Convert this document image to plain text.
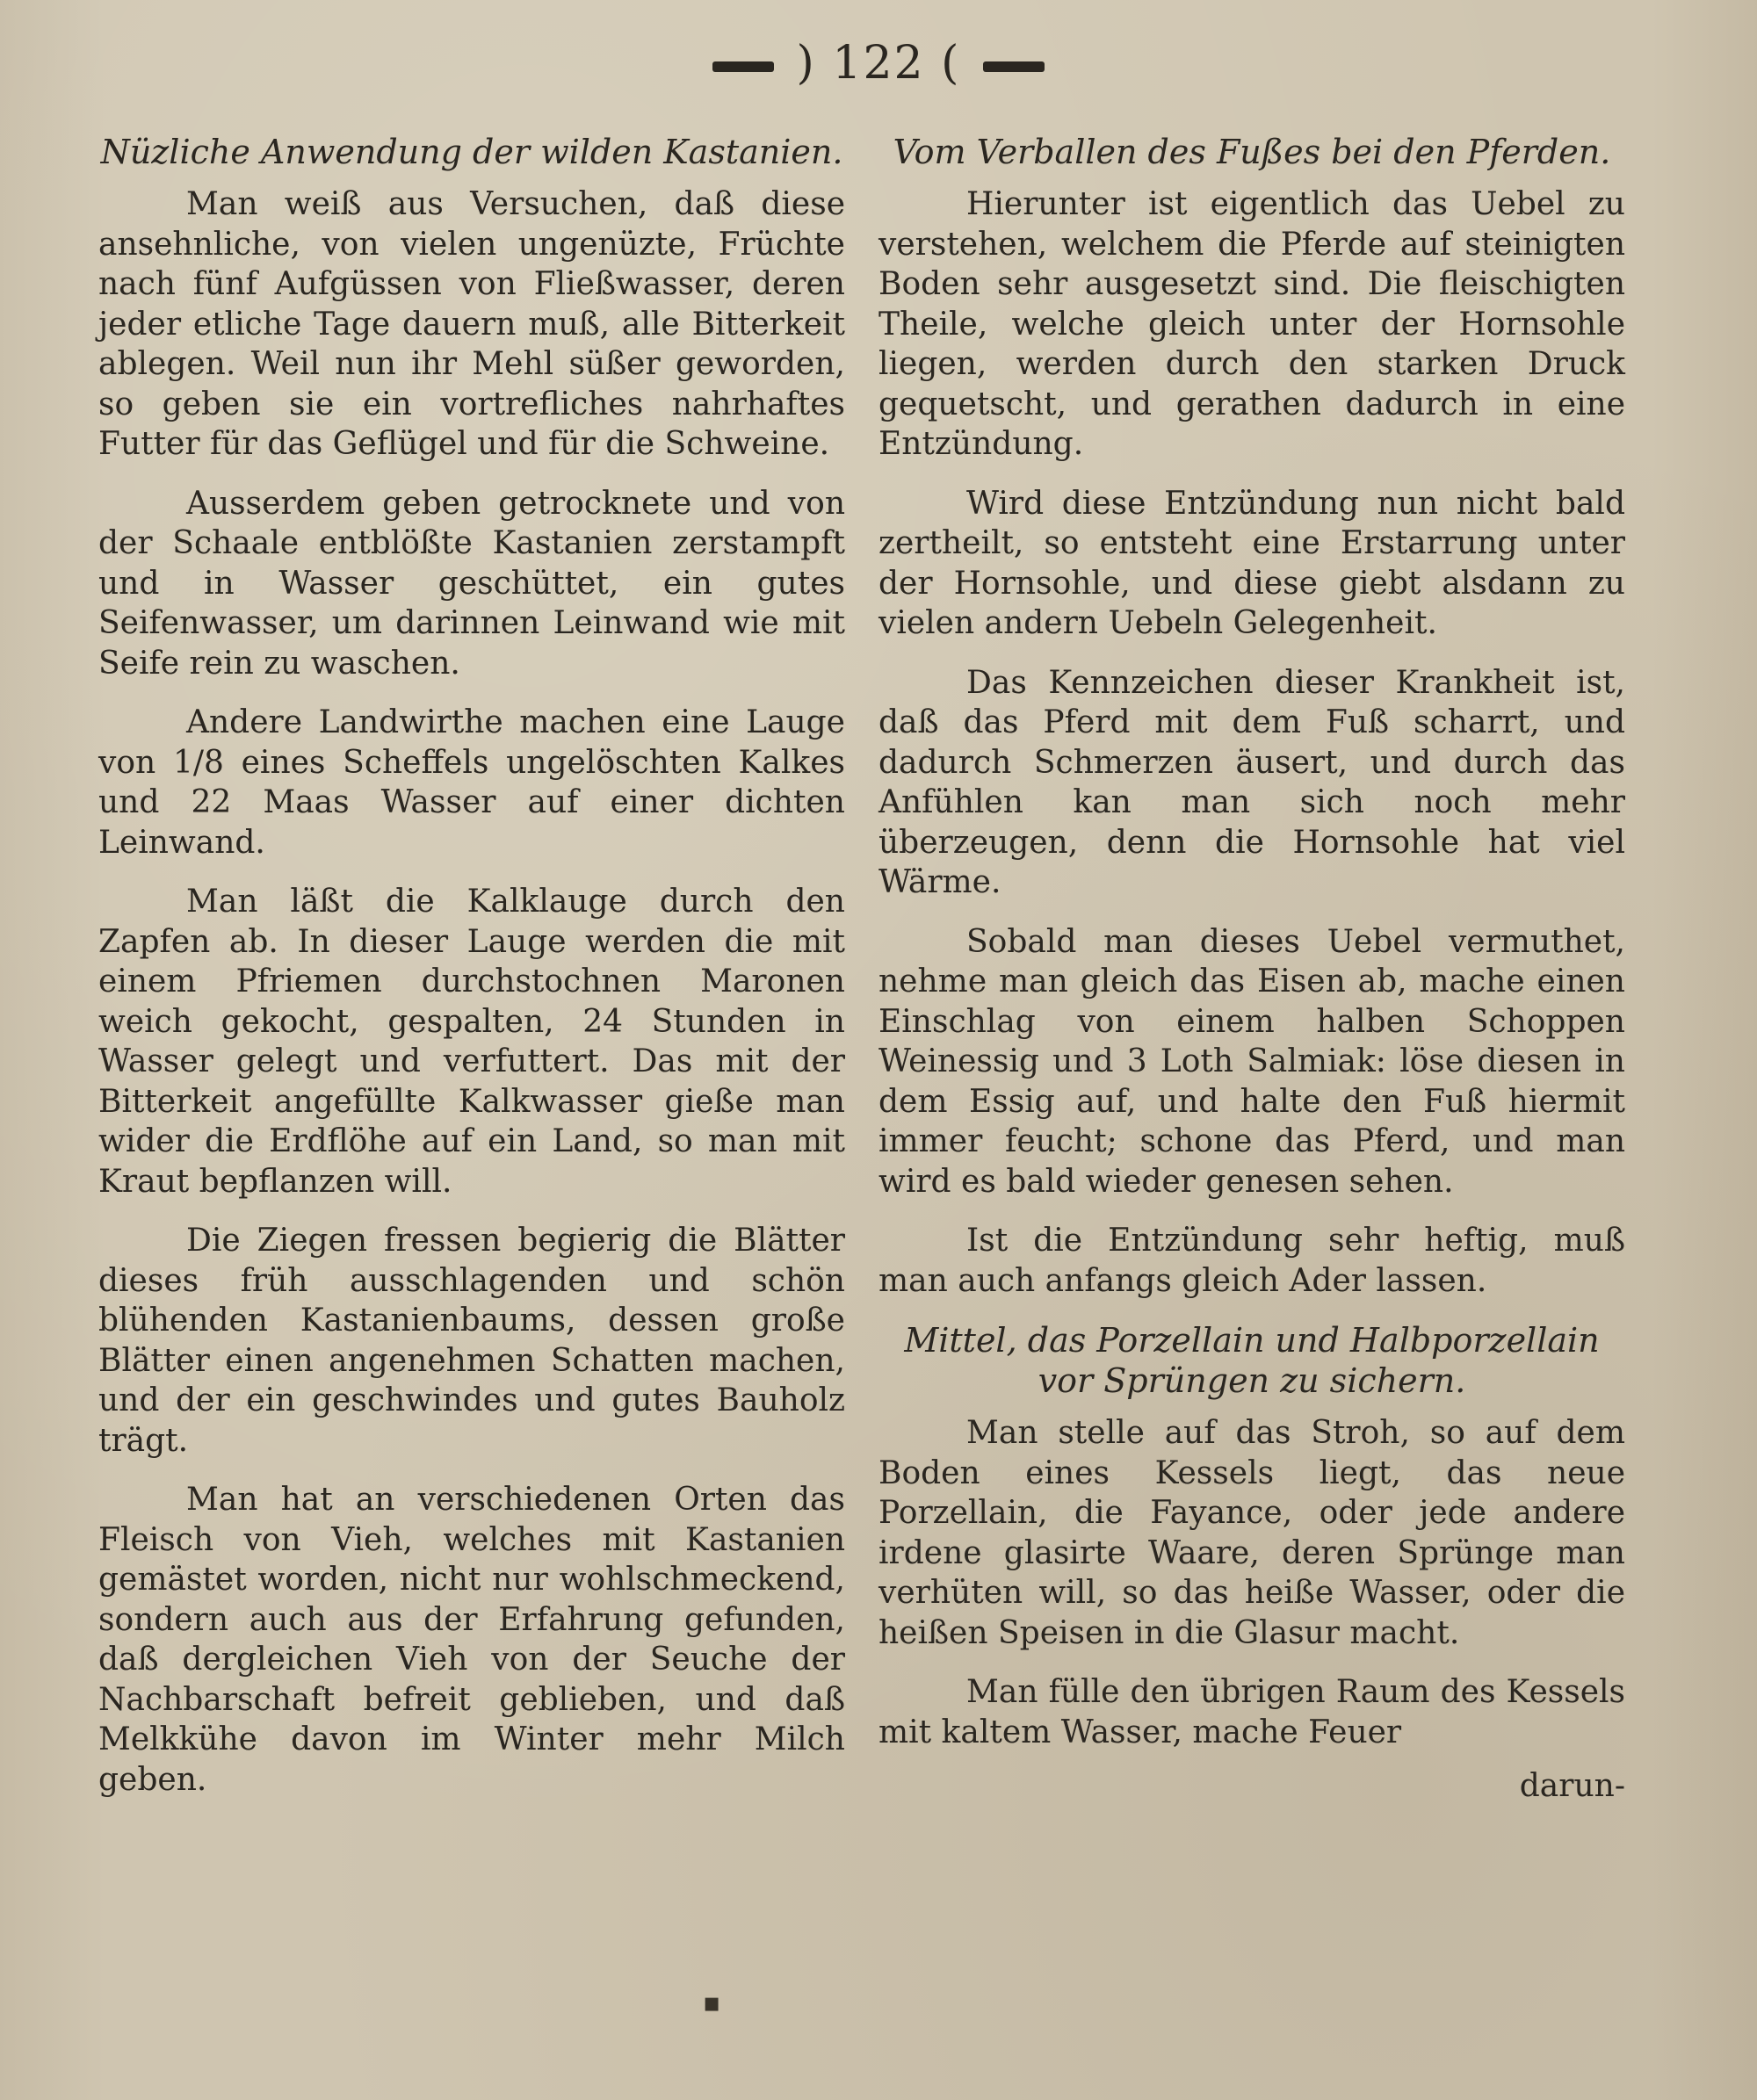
) 122 (
Nüzliche Anwendung der wilden Kastanien.

Man weiß aus Versuchen, daß diese ansehnliche, von vielen ungenüzte, Früchte nach fünf Aufgüssen von Fließwasser, deren jeder etliche Tage dauern muß, alle Bitterkeit ablegen. Weil nun ihr Mehl süßer geworden, so geben sie ein vortrefliches nahrhaftes Futter für das Geflügel und für die Schweine.

Ausserdem geben getrocknete und von der Schaale entblößte Kastanien zerstampft und in Wasser geschüttet, ein gutes Seifenwasser, um darinnen Leinwand wie mit Seife rein zu waschen.

Andere Landwirthe machen eine Lauge von 1/8 eines Scheffels ungelöschten Kalkes und 22 Maas Wasser auf einer dichten Leinwand.

Man läßt die Kalklauge durch den Zapfen ab. In dieser Lauge werden die mit einem Pfriemen durchstochnen Maronen weich gekocht, gespalten, 24 Stunden in Wasser gelegt und verfuttert. Das mit der Bitterkeit angefüllte Kalkwasser gieße man wider die Erdflöhe auf ein Land, so man mit Kraut bepflanzen will.

Die Ziegen fressen begierig die Blätter dieses früh ausschlagenden und schön blühenden Kastanienbaums, dessen große Blätter einen angenehmen Schatten machen, und der ein geschwindes und gutes Bauholz trägt.

Man hat an verschiedenen Orten das Fleisch von Vieh, welches mit Kastanien gemästet worden, nicht nur wohlschmeckend, sondern auch aus der Erfahrung gefunden, daß dergleichen Vieh von der Seuche der Nachbarschaft befreit geblieben, und daß Melkkühe davon im Winter mehr Milch geben.

Vom Verballen des Fußes bei den Pferden.

Hierunter ist eigentlich das Uebel zu verstehen, welchem die Pferde auf steinigten Boden sehr ausgesetzt sind. Die fleischigten Theile, welche gleich unter der Hornsohle liegen, werden durch den starken Druck gequetscht, und gerathen dadurch in eine Entzündung.

Wird diese Entzündung nun nicht bald zertheilt, so entsteht eine Erstarrung unter der Hornsohle, und diese giebt alsdann zu vielen andern Uebeln Gelegenheit.

Das Kennzeichen dieser Krankheit ist, daß das Pferd mit dem Fuß scharrt, und dadurch Schmerzen äusert, und durch das Anfühlen kan man sich noch mehr überzeugen, denn die Hornsohle hat viel Wärme.

Sobald man dieses Uebel vermuthet, nehme man gleich das Eisen ab, mache einen Einschlag von einem halben Schoppen Weinessig und 3 Loth Salmiak: löse diesen in dem Essig auf, und halte den Fuß hiermit immer feucht; schone das Pferd, und man wird es bald wieder genesen sehen.

Ist die Entzündung sehr heftig, muß man auch anfangs gleich Ader lassen.

Mittel, das Porzellain und Halbporzellain vor Sprüngen zu sichern.

Man stelle auf das Stroh, so auf dem Boden eines Kessels liegt, das neue Porzellain, die Fayance, oder jede andere irdene glasirte Waare, deren Sprünge man verhüten will, so das heiße Wasser, oder die heißen Speisen in die Glasur macht.

Man fülle den übrigen Raum des Kessels mit kaltem Wasser, mache Feuer

darun-
▪
